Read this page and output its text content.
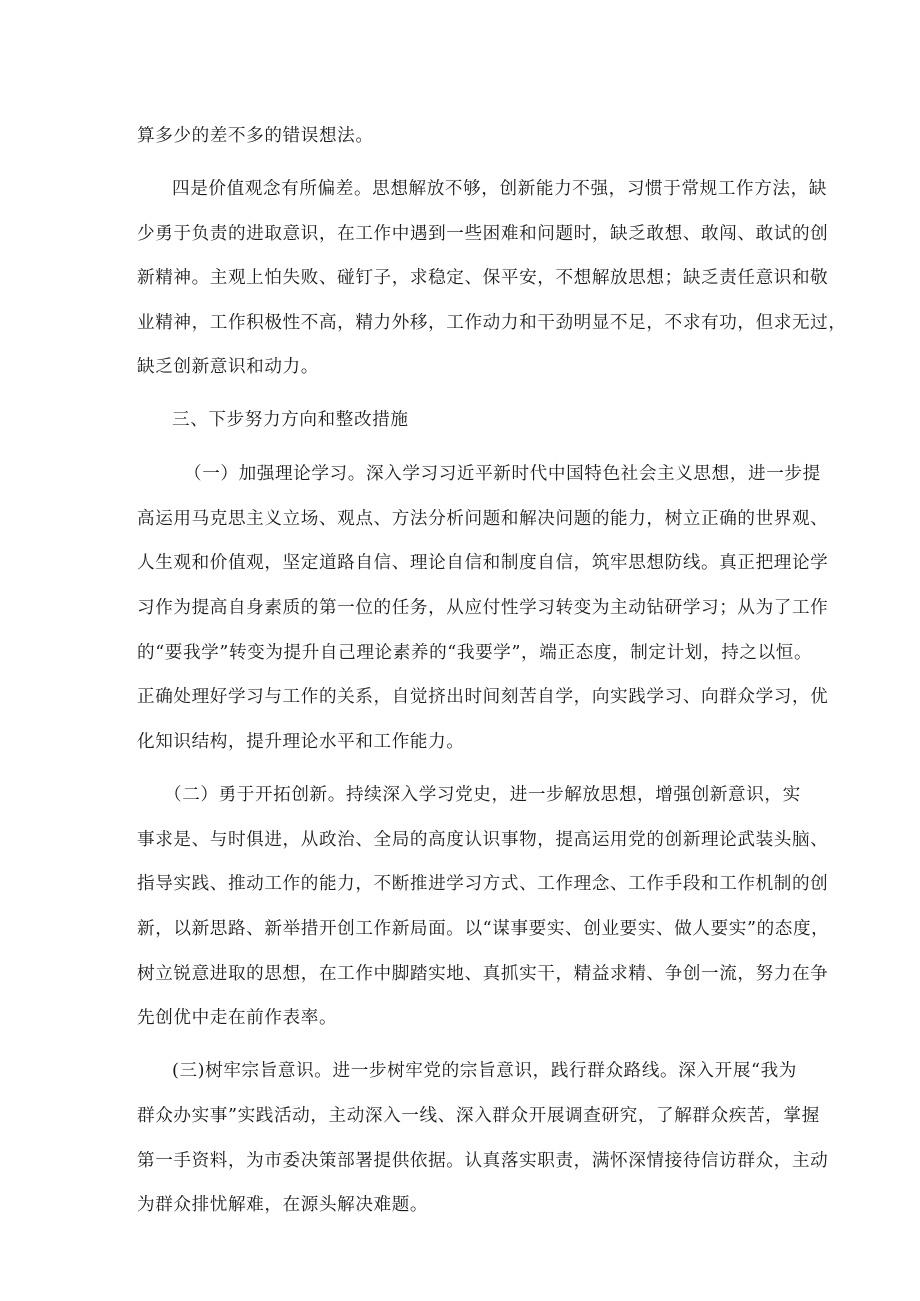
算多少的差不多的错误想法。
四是价值观念有所偏差。思想解放不够，创新能力不强，习惯于常规工作方法，缺
少勇于负责的进取意识，在工作中遇到一些困难和问题时，缺乏敢想、敢闯、敢试的创
新精神。主观上怕失败、碰钉子，求稳定、保平安，不想解放思想；缺乏责任意识和敬
业精神，工作积极性不高，精力外移，工作动力和干劲明显不足，不求有功，但求无过，
缺乏创新意识和动力。
三、下步努力方向和整改措施
（一）加强理论学习。深入学习习近平新时代中国特色社会主义思想，进一步提
高运用马克思主义立场、观点、方法分析问题和解决问题的能力，树立正确的世界观、
人生观和价值观，坚定道路自信、理论自信和制度自信，筑牢思想防线。真正把理论学
习作为提高自身素质的第一位的任务，从应付性学习转变为主动钻研学习；从为了工作
的“要我学”转变为提升自己理论素养的“我要学”，端正态度，制定计划，持之以恒。
正确处理好学习与工作的关系，自觉挤出时间刻苦自学，向实践学习、向群众学习，优
化知识结构，提升理论水平和工作能力。
（二）勇于开拓创新。持续深入学习党史，进一步解放思想，增强创新意识，实
事求是、与时俱进，从政治、全局的高度认识事物，提高运用党的创新理论武装头脑、
指导实践、推动工作的能力，不断推进学习方式、工作理念、工作手段和工作机制的创
新，以新思路、新举措开创工作新局面。以“谋事要实、创业要实、做人要实”的态度，
树立锐意进取的思想，在工作中脚踏实地、真抓实干，精益求精、争创一流，努力在争
先创优中走在前作表率。
(三)树牢宗旨意识。进一步树牢党的宗旨意识，践行群众路线。深入开展“我为
群众办实事”实践活动，主动深入一线、深入群众开展调查研究，了解群众疾苦，掌握
第一手资料，为市委决策部署提供依据。认真落实职责，满怀深情接待信访群众，主动
为群众排忧解难，在源头解决难题。
